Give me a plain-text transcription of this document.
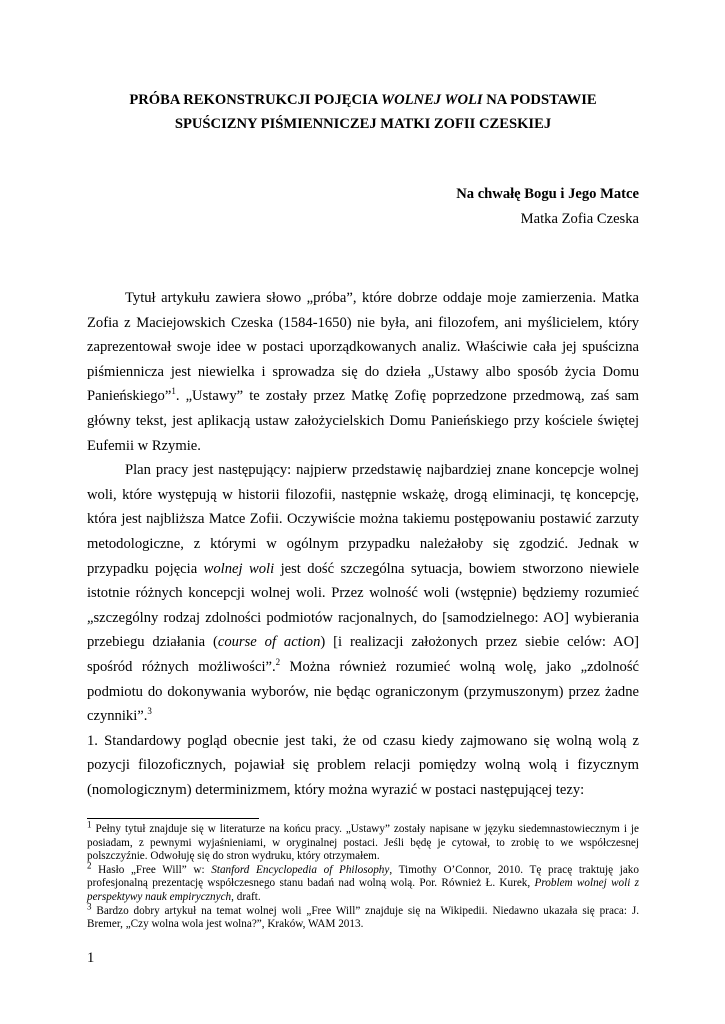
PRÓBA REKONSTRUKCJI POJĘCIA WOLNEJ WOLI NA PODSTAWIE
SPUŚCIZNY PIŚMIENNICZEJ MATKI ZOFII CZESKIEJ
Na chwałę Bogu i Jego Matce
Matka Zofia Czeska

Tytuł artykułu zawiera słowo „próba”, które dobrze oddaje moje zamierzenia. Matka Zofia z Maciejowskich Czeska (1584-1650) nie była, ani filozofem, ani myślicielem, który zaprezentował swoje idee w postaci uporządkowanych analiz. Właściwie cała jej spuścizna piśmiennicza jest niewielka i sprowadza się do dzieła „Ustawy albo sposób życia Domu Panieńskiego”$^1$. „Ustawy” te zostały przez Matkę Zofię poprzedzone przedmową, zaś sam główny tekst, jest aplikacją ustaw założycielskich Domu Panieńskiego przy kościele świętej Eufemii w Rzymie.

Plan pracy jest następujący: najpierw przedstawię najbardziej znane koncepcje wolnej woli, które występują w historii filozofii, następnie wskażę, drogą eliminacji, tę koncepcję, która jest najbliższa Matce Zofii. Oczywiście można takiemu postępowaniu postawić zarzuty metodologiczne, z którymi w ogólnym przypadku należałoby się zgodzić. Jednak w przypadku pojęcia wolnej woli jest dość szczególna sytuacja, bowiem stworzono niewiele istotnie różnych koncepcji wolnej woli. Przez wolność woli (wstępnie) będziemy rozumieć „szczególny rodzaj zdolności podmiotów racjonalnych, do [samodzielnego: AO] wybierania przebiegu działania (course of action) [i realizacji założonych przez siebie celów: AO] spośród różnych możliwości”.$^2$ Można również rozumieć wolną wolę, jako „zdolność podmiotu do dokonywania wyborów, nie będąc ograniczonym (przymuszonym) przez żadne czynniki”.$^3$

1. Standardowy pogląd obecnie jest taki, że od czasu kiedy zajmowano się wolną wolą z pozycji filozoficznych, pojawiał się problem relacji pomiędzy wolną wolą i fizycznym (nomologicznym) determinizmem, który można wyrazić w postaci następującej tezy:

$^1$ Pełny tytuł znajduje się w literaturze na końcu pracy. „Ustawy” zostały napisane w języku siedemnastowiecznym i je posiadam, z pewnymi wyjaśnieniami, w oryginalnej postaci. Jeśli będę je cytował, to zrobię to we współczesnej polszczyźnie. Odwołuję się do stron wydruku, który otrzymałem.

$^2$ Hasło „Free Will” w: Stanford Encyclopedia of Philosophy, Timothy O’Connor, 2010. Tę pracę traktuję jako profesjonalną prezentację współczesnego stanu badań nad wolną wolą. Por. Również Ł. Kurek, Problem wolnej woli z perspektywy nauk empirycznych, draft.

$^3$ Bardzo dobry artykuł na temat wolnej woli „Free Will” znajduje się na Wikipedii. Niedawno ukazała się praca: J. Bremer, „Czy wolna wola jest wolna?”, Kraków, WAM 2013.

1
